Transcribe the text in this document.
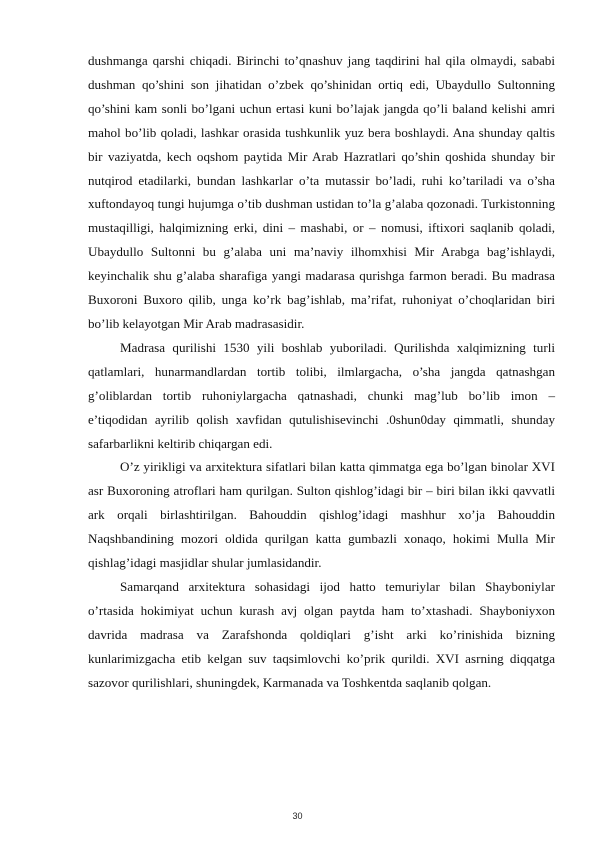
dushmanga qarshi chiqadi. Birinchi to’qnashuv jang taqdirini hal qila olmaydi, sababi dushman qo’shini son jihatidan o’zbek qo’shinidan ortiq edi, Ubaydullo Sultonning qo’shini kam sonli bo’lgani uchun ertasi kuni bo’lajak jangda qo’li baland kelishi amri mahol bo’lib qoladi, lashkar orasida tushkunlik yuz bera boshlaydi. Ana shunday qaltis bir vaziyatda, kech oqshom paytida Mir Arab Hazratlari qo’shin qoshida shunday bir nutqirod etadilarki, bundan lashkarlar o’ta mutassir bo’ladi, ruhi ko’tariladi va o’sha xuftondayoq tungi hujumga o’tib dushman ustidan to’la g’alaba qozonadi. Turkistonning mustaqilligi, halqimizning erki, dini – mashabi, or – nomusi, iftixori saqlanib qoladi, Ubaydullo Sultonni bu g’alaba uni ma’naviy ilhomxhisi Mir Arabga bag’ishlaydi, keyinchalik shu g’alaba sharafiga yangi madarasa qurishga farmon beradi. Bu madrasa Buxoroni Buxoro qilib, unga ko’rk bag’ishlab, ma’rifat, ruhoniyat o’choqlaridan biri bo’lib kelayotgan Mir Arab madrasasidir.

Madrasa qurilishi 1530 yili boshlab yuboriladi. Qurilishda xalqimizning turli qatlamlari, hunarmandlardan tortib tolibi, ilmlargacha, o’sha jangda qatnashgan g’oliblardan tortib ruhoniylargacha qatnashadi, chunki mag’lub bo’lib imon – e’tiqodidan ayrilib qolish xavfidan qutulishisevinchi .0shun0day qimmatli, shunday safarbarlikni keltirib chiqargan edi.

O’z yirikligi va arxitektura sifatlari bilan katta qimmatga ega bo’lgan binolar XVI asr Buxoroning atroflari ham qurilgan. Sulton qishlog’idagi bir – biri bilan ikki qavvatli ark orqali birlashtirilgan. Bahouddin qishlog’idagi mashhur xo’ja Bahouddin Naqshbandining mozori oldida qurilgan katta gumbazli xonaqo, hokimi Mulla Mir qishlag’idagi masjidlar shular jumlasidandir.

Samarqand arxitektura sohasidagi ijod hatto temuriylar bilan Shayboniylar o’rtasida hokimiyat uchun kurash avj olgan paytda ham to’xtashadi. Shayboniyxon davrida madrasa va Zarafshonda qoldiqlari g’isht arki ko’rinishida bizning kunlarimizgacha etib kelgan suv taqsimlovchi ko’prik qurildi. XVI asrning diqqatga sazovor qurilishlari, shuningdek, Karmanada va Toshkentda saqlanib qolgan.

30
